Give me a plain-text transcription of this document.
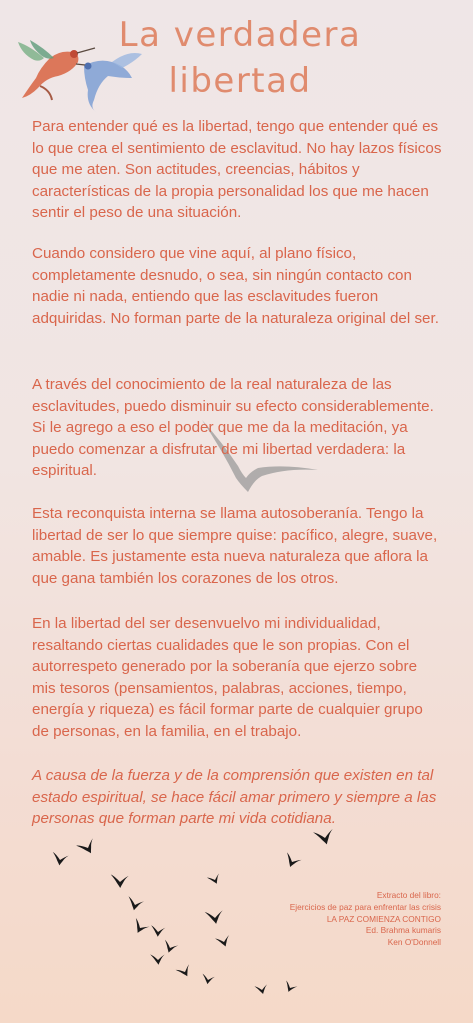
La verdadera
libertad

Para entender qué es la libertad, tengo que entender qué es lo que crea el sentimiento de esclavitud. No hay lazos físicos que me aten. Son actitudes, creencias, hábitos y características de la propia personalidad los que me hacen sentir el peso de una situación.

Cuando considero que vine aquí, al plano físico, completamente desnudo, o sea, sin ningún contacto con nadie ni nada, entiendo que las esclavitudes fueron adquiridas. No forman parte de la naturaleza original del ser.

A través del conocimiento de la real naturaleza de las esclavitudes, puedo disminuir su efecto considerablemente. Si le agrego a eso el poder que me da la meditación, ya puedo comenzar a disfrutar de mi libertad verdadera: la espiritual.

Esta reconquista interna se llama autosoberanía. Tengo la libertad de ser lo que siempre quise: pacífico, alegre, suave, amable. Es justamente esta nueva naturaleza que aflora la que gana también los corazones de los otros.

En la libertad del ser desenvuelvo mi individualidad, resaltando ciertas cualidades que le son propias. Con el autorrespeto generado por la soberanía que ejerzo sobre mis tesoros (pensamientos, palabras, acciones, tiempo, energía y riqueza) es fácil formar parte de cualquier grupo de personas, en la familia, en el trabajo.

A causa de la fuerza y de la comprensión que existen en tal estado espiritual, se hace fácil amar primero y siempre a las personas que forman parte mi vida cotidiana.

Extracto del libro:
Ejercicios de paz para enfrentar las crisis
LA PAZ COMIENZA CONTIGO
Ed. Brahma kumaris
Ken O'Donnell
